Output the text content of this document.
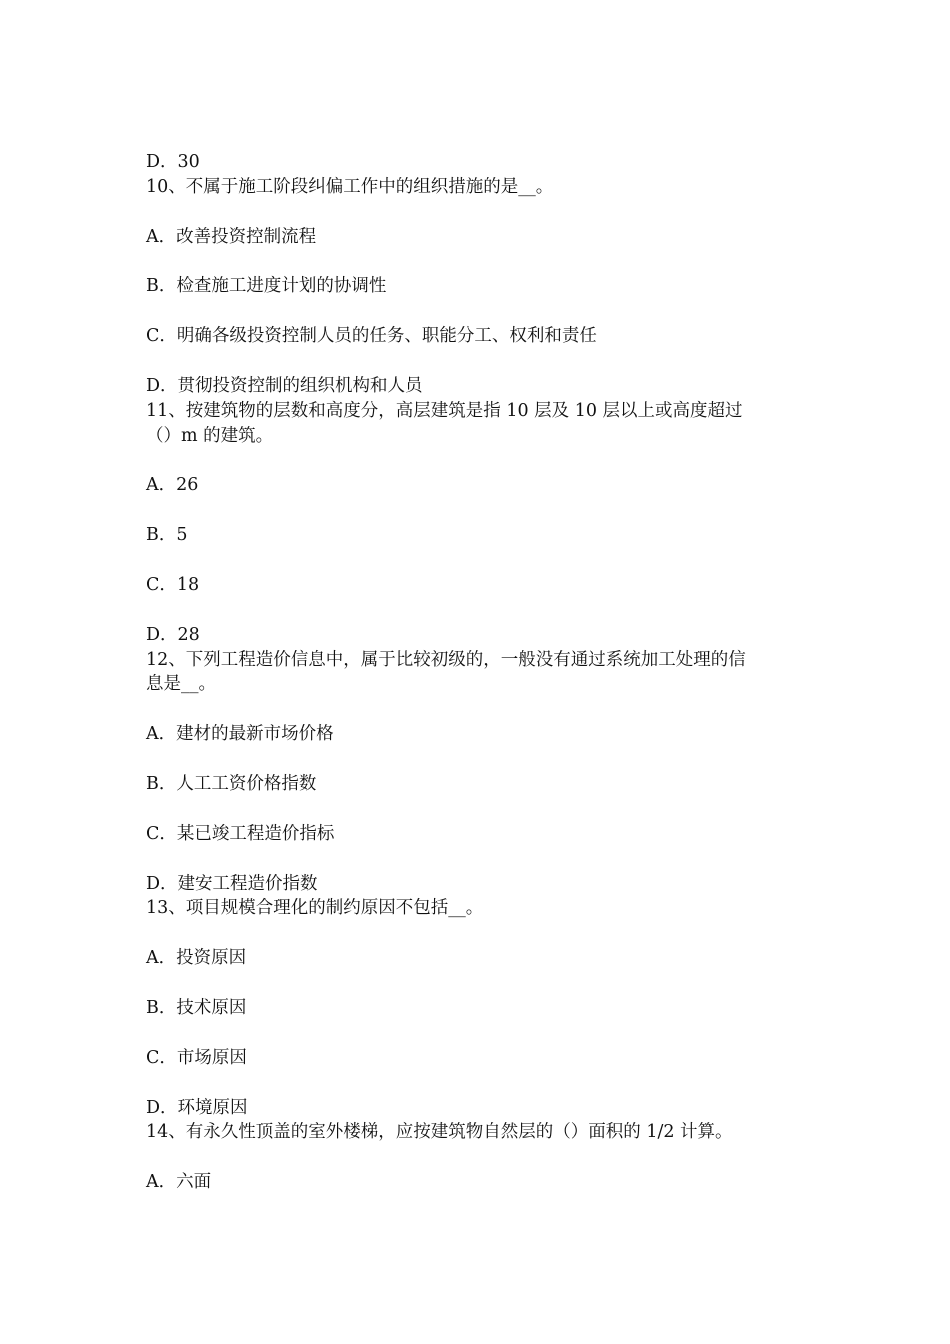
D．30

10、不属于施工阶段纠偏工作中的组织措施的是__。

A．改善投资控制流程

B．检查施工进度计划的协调性

C．明确各级投资控制人员的任务、职能分工、权利和责任

D．贯彻投资控制的组织机构和人员

11、按建筑物的层数和高度分，高层建筑是指 10 层及 10 层以上或高度超过

（）m 的建筑。

A．26

B．5

C．18

D．28

12、下列工程造价信息中，属于比较初级的，一般没有通过系统加工处理的信

息是__。

A．建材的最新市场价格

B．人工工资价格指数

C．某已竣工程造价指标

D．建安工程造价指数

13、项目规模合理化的制约原因不包括__。

A．投资原因

B．技术原因

C．市场原因

D．环境原因

14、有永久性顶盖的室外楼梯，应按建筑物自然层的（）面积的 1/2 计算。

A．六面
